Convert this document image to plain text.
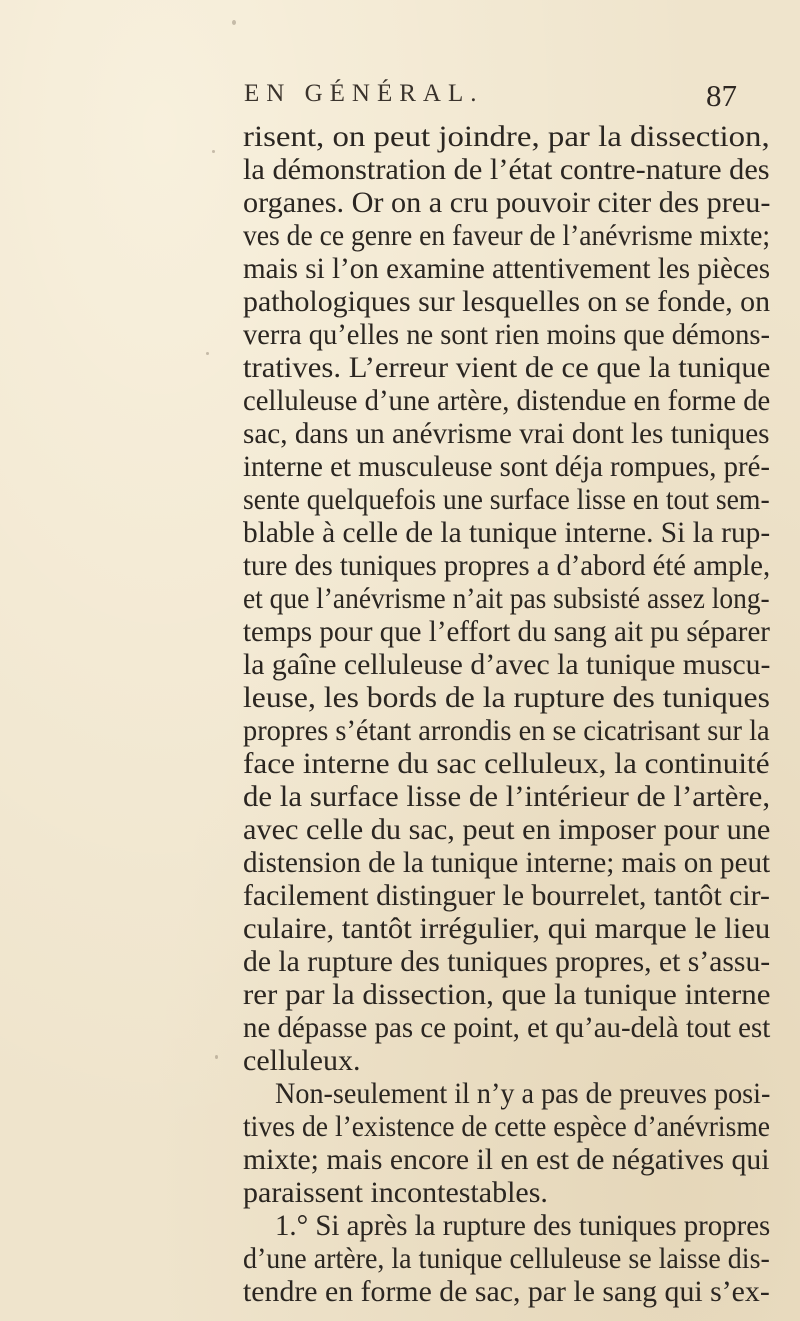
EN GÉNÉRAL.	87
risent, on peut joindre, par la dissection,
la démonstration de l’état contre-nature des
organes. Or on a cru pouvoir citer des preu-
ves de ce genre en faveur de l’anévrisme mixte;
mais si l’on examine attentivement les pièces
pathologiques sur lesquelles on se fonde, on
verra qu’elles ne sont rien moins que démons-
tratives. L’erreur vient de ce que la tunique
celluleuse d’une artère, distendue en forme de
sac, dans un anévrisme vrai dont les tuniques
interne et musculeuse sont déja rompues, pré-
sente quelquefois une surface lisse en tout sem-
blable à celle de la tunique interne. Si la rup-
ture des tuniques propres a d’abord été ample,
et que l’anévrisme n’ait pas subsisté assez long-
temps pour que l’effort du sang ait pu séparer
la gaîne celluleuse d’avec la tunique muscu-
leuse, les bords de la rupture des tuniques
propres s’étant arrondis en se cicatrisant sur la
face interne du sac celluleux, la continuité
de la surface lisse de l’intérieur de l’artère,
avec celle du sac, peut en imposer pour une
distension de la tunique interne; mais on peut
facilement distinguer le bourrelet, tantôt cir-
culaire, tantôt irrégulier, qui marque le lieu
de la rupture des tuniques propres, et s’assu-
rer par la dissection, que la tunique interne
ne dépasse pas ce point, et qu’au-delà tout est
celluleux.
Non-seulement il n’y a pas de preuves posi-
tives de l’existence de cette espèce d’anévrisme
mixte; mais encore il en est de négatives qui
paraissent incontestables.
1.° Si après la rupture des tuniques propres
d’une artère, la tunique celluleuse se laisse dis-
tendre en forme de sac, par le sang qui s’ex-
